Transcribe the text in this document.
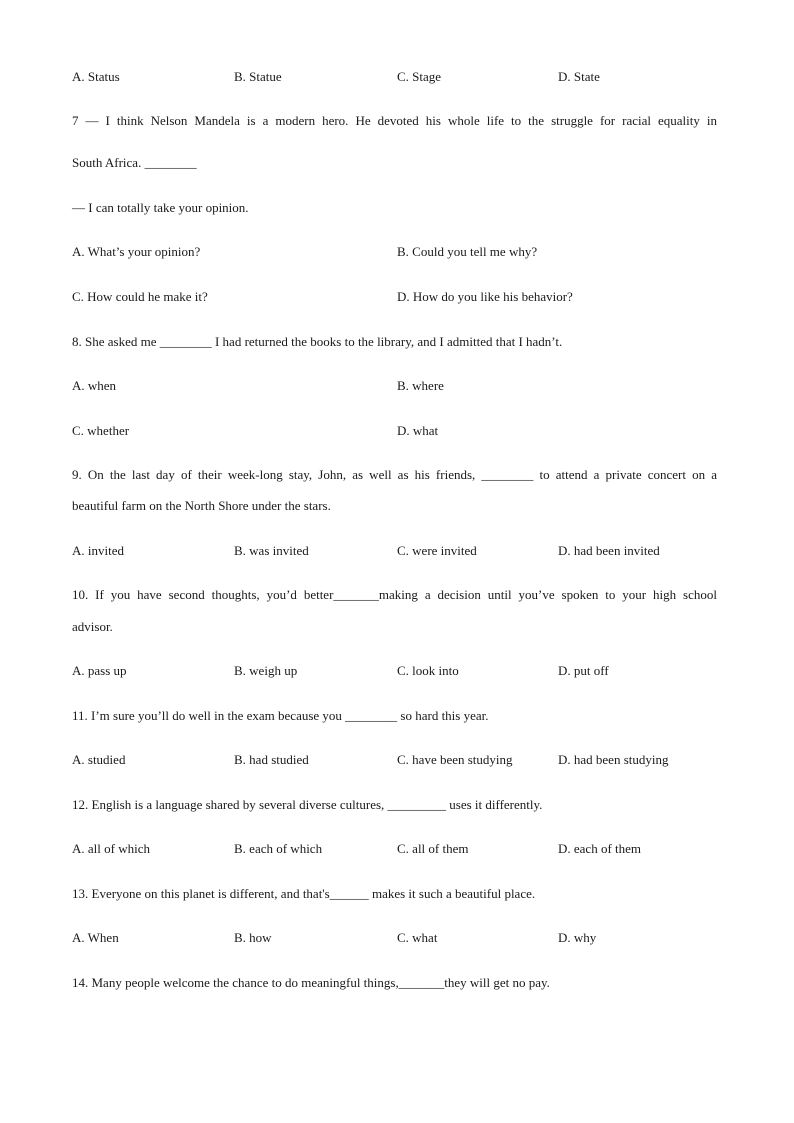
A. Status	B. Statue	C. Stage	D. State
7 — I think Nelson Mandela is a modern hero. He devoted his whole life to the struggle for racial equality in
South Africa. ________
— I can totally take your opinion.
A. What’s your opinion?	B. Could you tell me why?
C. How could he make it?	D. How do you like his behavior?
8. She asked me ________ I had returned the books to the library, and I admitted that I hadn’t.
A. when	B. where
C. whether	D. what
9. On the last day of their week-long stay, John, as well as his friends, ________ to attend a private concert on a
beautiful farm on the North Shore under the stars.
A. invited	B. was invited	C. were invited	D. had been invited
10. If you have second thoughts, you’d better_______making a decision until you’ve spoken to your high school
advisor.
A. pass up	B. weigh up	C. look into	D. put off
11. I’m sure you’ll do well in the exam because you ________ so hard this year.
A. studied	B. had studied	C. have been studying	D. had been studying
12. English is a language shared by several diverse cultures, _________ uses it differently.
A. all of which	B. each of which	C. all of them	D. each of them
13. Everyone on this planet is different, and that's______ makes it such a beautiful place.
A. When	B. how	C. what	D. why
14. Many people welcome the chance to do meaningful things,_______they will get no pay.
